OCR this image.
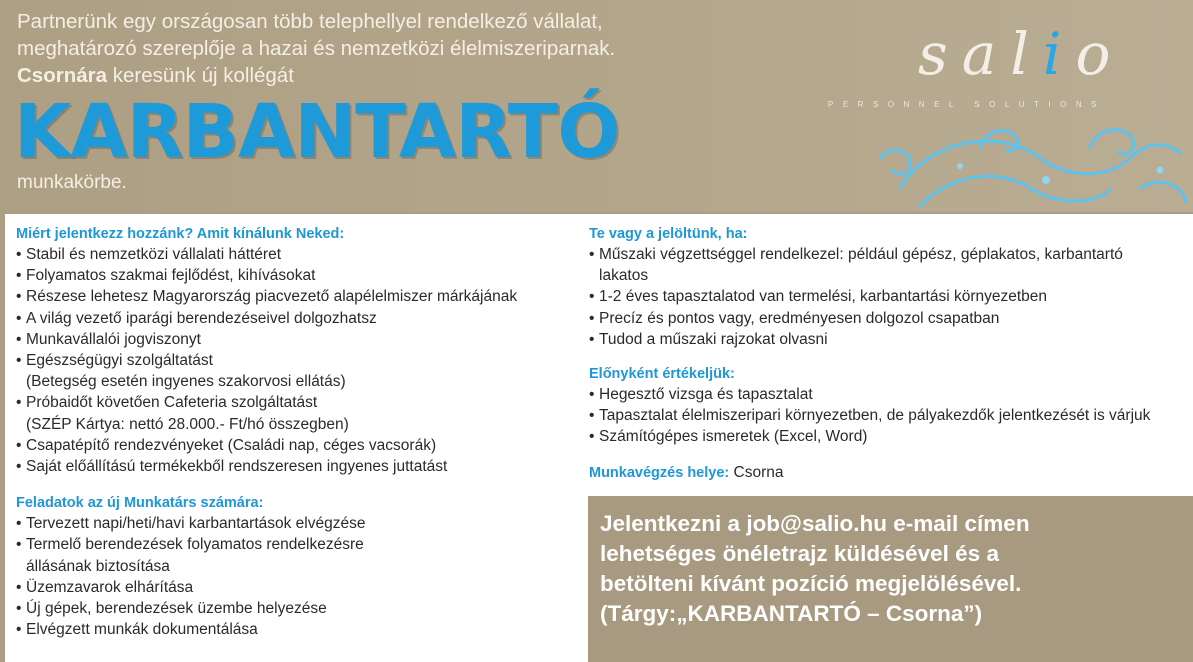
Partnerünk egy országosan több telephellyel rendelkező vállalat,
meghatározó szereplője a hazai és nemzetközi élelmiszeriparnak.
Csornára keresünk új kollégát
KARBANTARTÓ
munkakörbe.
salio
PERSONNEL SOLUTIONS
Miért jelentkezz hozzánk? Amit kínálunk Neked:
• Stabil és nemzetközi vállalati háttéret
• Folyamatos szakmai fejlődést, kihívásokat
• Részese lehetesz Magyarország piacvezető alapélelmiszer márkájának
• A világ vezető iparági berendezéseivel dolgozhatsz
• Munkavállalói jogviszonyt
• Egészségügyi szolgáltatást
(Betegség esetén ingyenes szakorvosi ellátás)
• Próbaidőt követően Cafeteria szolgáltatást
(SZÉP Kártya: nettó 28.000.- Ft/hó összegben)
• Csapatépítő rendezvényeket (Családi nap, céges vacsorák)
• Saját előállítású termékekből rendszeresen ingyenes juttatást
Feladatok az új Munkatárs számára:
• Tervezett napi/heti/havi karbantartások elvégzése
• Termelő berendezések folyamatos rendelkezésre
állásának biztosítása
• Üzemzavarok elhárítása
• Új gépek, berendezések üzembe helyezése
• Elvégzett munkák dokumentálása
Te vagy a jelöltünk, ha:
• Műszaki végzettséggel rendelkezel: például gépész, géplakatos, karbantartó
lakatos
• 1-2 éves tapasztalatod van termelési, karbantartási környezetben
• Precíz és pontos vagy, eredményesen dolgozol csapatban
• Tudod a műszaki rajzokat olvasni
Előnyként értékeljük:
• Hegesztő vizsga és tapasztalat
• Tapasztalat élelmiszeripari környezetben, de pályakezdők jelentkezését is várjuk
• Számítógépes ismeretek (Excel, Word)
Munkavégzés helye: Csorna
Jelentkezni a job@salio.hu e-mail címen
lehetséges önéletrajz küldésével és a
betölteni kívánt pozíció megjelölésével.
(Tárgy:„KARBANTARTÓ – Csorna”)
